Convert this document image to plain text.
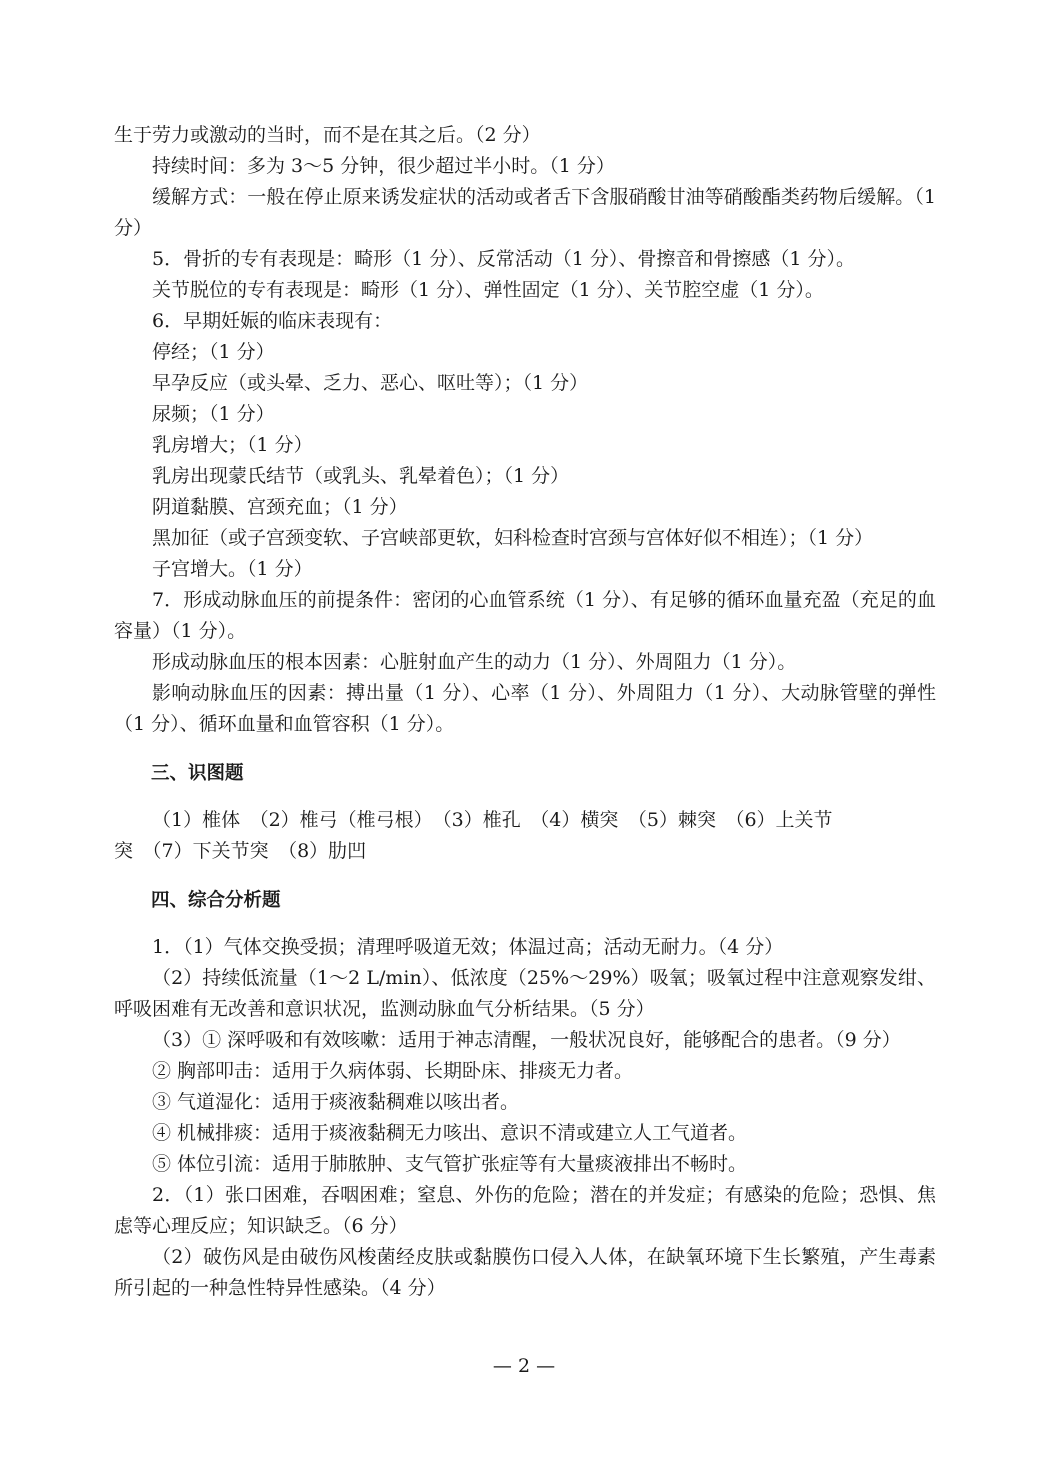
生于劳力或激动的当时，而不是在其之后。（2 分）

持续时间：多为 3～5 分钟，很少超过半小时。（1 分）

缓解方式：一般在停止原来诱发症状的活动或者舌下含服硝酸甘油等硝酸酯类药物后缓解。（1 分）

5．骨折的专有表现是：畸形（1 分）、反常活动（1 分）、骨擦音和骨擦感（1 分）。

关节脱位的专有表现是：畸形（1 分）、弹性固定（1 分）、关节腔空虚（1 分）。

6．早期妊娠的临床表现有：

停经；（1 分）

早孕反应（或头晕、乏力、恶心、呕吐等）；（1 分）

尿频；（1 分）

乳房增大；（1 分）

乳房出现蒙氏结节（或乳头、乳晕着色）；（1 分）

阴道黏膜、宫颈充血；（1 分）

黑加征（或子宫颈变软、子宫峡部更软，妇科检查时宫颈与宫体好似不相连）；（1 分）

子宫增大。（1 分）

7．形成动脉血压的前提条件：密闭的心血管系统（1 分）、有足够的循环血量充盈（充足的血容量）（1 分）。

形成动脉血压的根本因素：心脏射血产生的动力（1 分）、外周阻力（1 分）。

影响动脉血压的因素：搏出量（1 分）、心率（1 分）、外周阻力（1 分）、大动脉管壁的弹性（1 分）、循环血量和血管容积（1 分）。

三、识图题

（1）椎体　（2）椎弓（椎弓根）　（3）椎孔　（4）横突　（5）棘突　（6）上关节

突　（7）下关节突　（8）肋凹

四、综合分析题

1．（1）气体交换受损；清理呼吸道无效；体温过高；活动无耐力。（4 分）

（2）持续低流量（1～2 L/min）、低浓度（25%～29%）吸氧；吸氧过程中注意观察发绀、呼吸困难有无改善和意识状况，监测动脉血气分析结果。（5 分）

（3）① 深呼吸和有效咳嗽：适用于神志清醒，一般状况良好，能够配合的患者。（9 分）

② 胸部叩击：适用于久病体弱、长期卧床、排痰无力者。

③ 气道湿化：适用于痰液黏稠难以咳出者。

④ 机械排痰：适用于痰液黏稠无力咳出、意识不清或建立人工气道者。

⑤ 体位引流：适用于肺脓肿、支气管扩张症等有大量痰液排出不畅时。

2．（1）张口困难，吞咽困难；窒息、外伤的危险；潜在的并发症；有感染的危险；恐惧、焦虑等心理反应；知识缺乏。（6 分）

（2）破伤风是由破伤风梭菌经皮肤或黏膜伤口侵入人体，在缺氧环境下生长繁殖，产生毒素所引起的一种急性特异性感染。（4 分）

— 2 —
